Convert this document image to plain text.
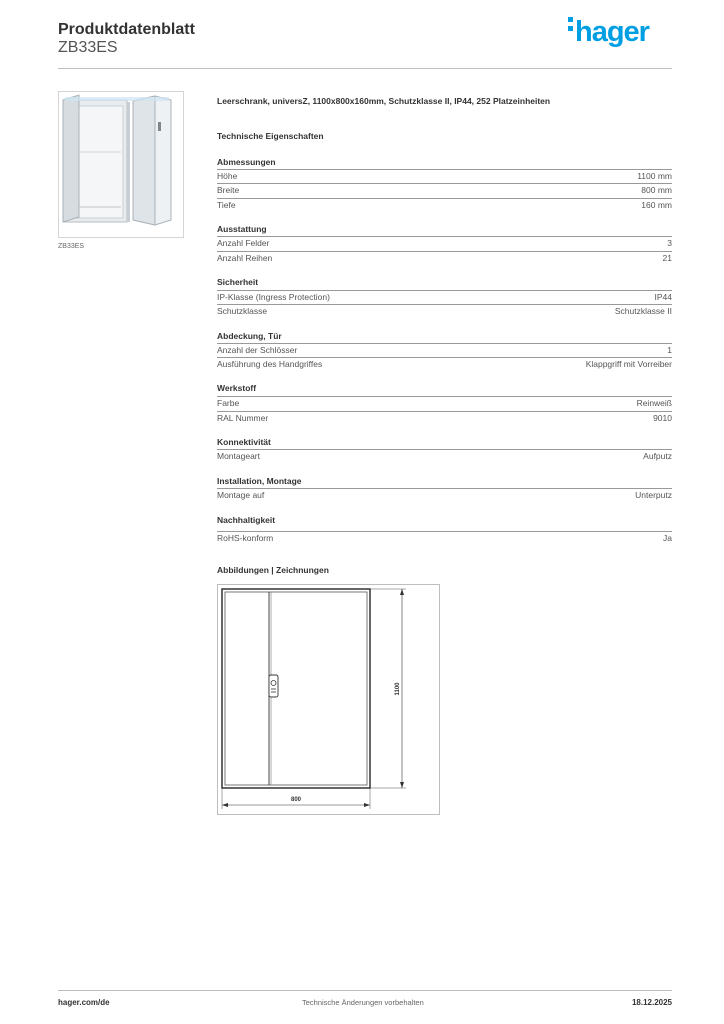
Produktdatenblatt
ZB33ES	hager
ZB33ES
Leerschrank, universZ, 1100x800x160mm, Schutzklasse II, IP44, 252 Platzeinheiten
Technische Eigenschaften
Abmessungen
Höhe	1100 mm
Breite	800 mm
Tiefe	160 mm
Ausstattung
Anzahl Felder	3
Anzahl Reihen	21
Sicherheit
IP-Klasse (Ingress Protection)	IP44
Schutzklasse	Schutzklasse II
Abdeckung, Tür
Anzahl der Schlösser	1
Ausführung des Handgriffes	Klappgriff mit Vorreiber
Werkstoff
Farbe	Reinweiß
RAL Nummer	9010
Konnektivität
Montageart	Aufputz
Installation, Montage
Montage auf	Unterputz
Nachhaltigkeit
RoHS-konform	Ja
Abbildungen | Zeichnungen
1100
800
hager.com/de	Technische Änderungen vorbehalten	18.12.2025
